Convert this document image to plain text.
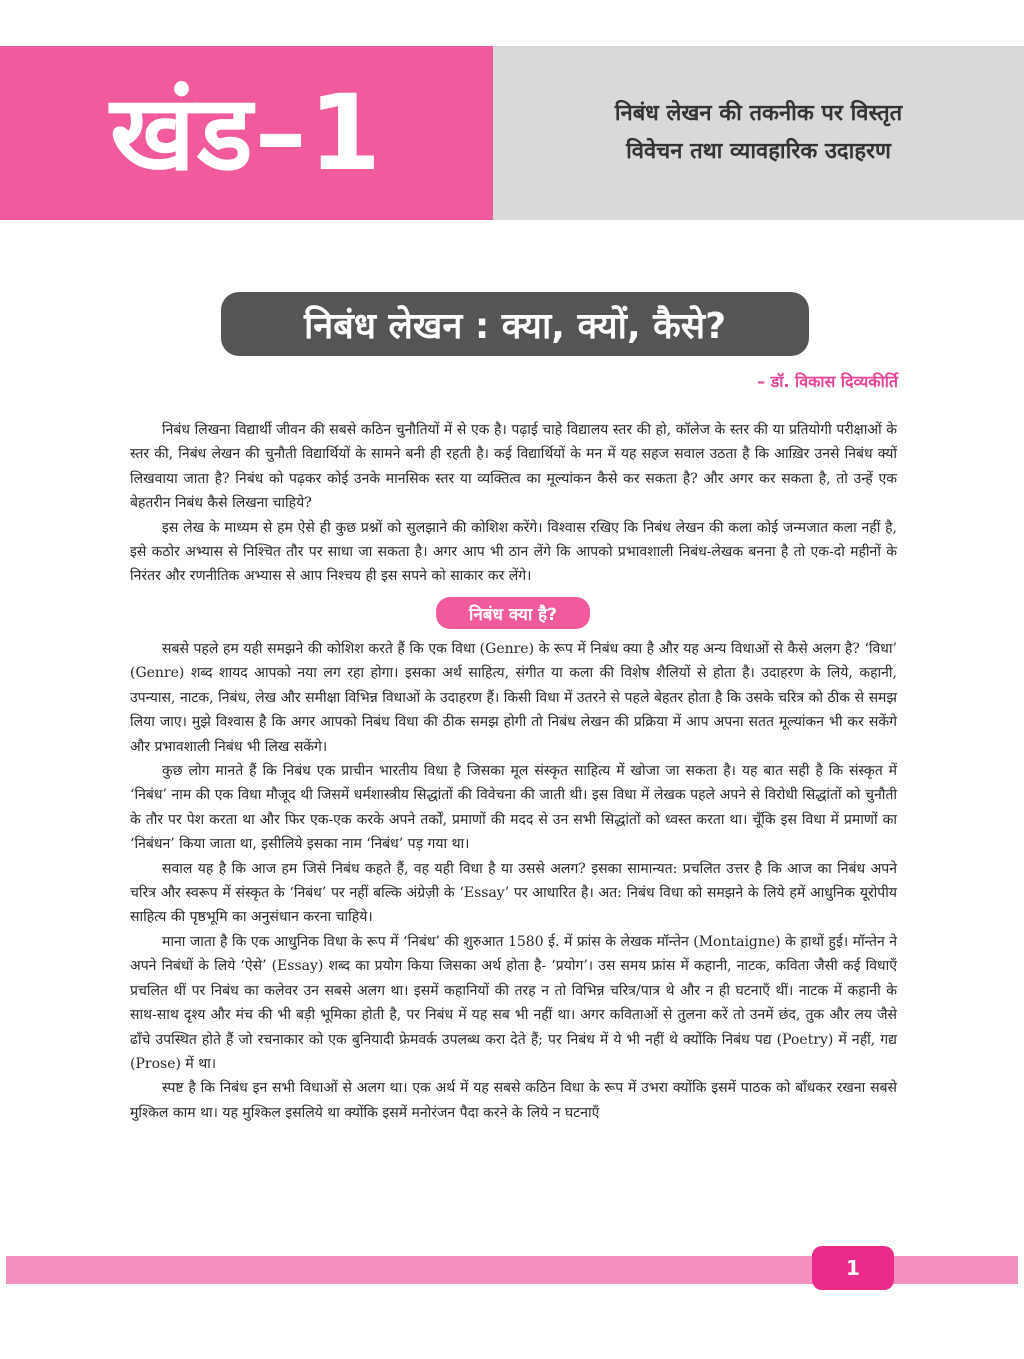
खंड–1	निबंध लेखन की तकनीक पर विस्तृत
विवेचन तथा व्यावहारिक उदाहरण
निबंध लेखन : क्या, क्यों, कैसे?
– डॉ. विकास दिव्यकीर्ति

निबंध लिखना विद्यार्थी जीवन की सबसे कठिन चुनौतियों में से एक है। पढ़ाई चाहे विद्यालय स्तर की हो, कॉलेज के स्तर की या प्रतियोगी परीक्षाओं के स्तर की, निबंध लेखन की चुनौती विद्यार्थियों के सामने बनी ही रहती है। कई विद्यार्थियों के मन में यह सहज सवाल उठता है कि आख़िर उनसे निबंध क्यों लिखवाया जाता है? निबंध को पढ़कर कोई उनके मानसिक स्तर या व्यक्तित्व का मूल्यांकन कैसे कर सकता है? और अगर कर सकता है, तो उन्हें एक बेहतरीन निबंध कैसे लिखना चाहिये?

इस लेख के माध्यम से हम ऐसे ही कुछ प्रश्नों को सुलझाने की कोशिश करेंगे। विश्वास रखिए कि निबंध लेखन की कला कोई जन्मजात कला नहीं है, इसे कठोर अभ्यास से निश्चित तौर पर साधा जा सकता है। अगर आप भी ठान लेंगे कि आपको प्रभावशाली निबंध-लेखक बनना है तो एक-दो महीनों के निरंतर और रणनीतिक अभ्यास से आप निश्चय ही इस सपने को साकार कर लेंगे।

निबंध क्या है?

सबसे पहले हम यही समझने की कोशिश करते हैं कि एक विधा (Genre) के रूप में निबंध क्या है और यह अन्य विधाओं से कैसे अलग है? ‘विधा’ (Genre) शब्द शायद आपको नया लग रहा होगा। इसका अर्थ साहित्य, संगीत या कला की विशेष शैलियों से होता है। उदाहरण के लिये, कहानी, उपन्यास, नाटक, निबंध, लेख और समीक्षा विभिन्न विधाओं के उदाहरण हैं। किसी विधा में उतरने से पहले बेहतर होता है कि उसके चरित्र को ठीक से समझ लिया जाए। मुझे विश्वास है कि अगर आपको निबंध विधा की ठीक समझ होगी तो निबंध लेखन की प्रक्रिया में आप अपना सतत मूल्यांकन भी कर सकेंगे और प्रभावशाली निबंध भी लिख सकेंगे।

कुछ लोग मानते हैं कि निबंध एक प्राचीन भारतीय विधा है जिसका मूल संस्कृत साहित्य में खोजा जा सकता है। यह बात सही है कि संस्कृत में ‘निबंध’ नाम की एक विधा मौजूद थी जिसमें धर्मशास्त्रीय सिद्धांतों की विवेचना की जाती थी। इस विधा में लेखक पहले अपने से विरोधी सिद्धांतों को चुनौती के तौर पर पेश करता था और फिर एक-एक करके अपने तर्कों, प्रमाणों की मदद से उन सभी सिद्धांतों को ध्वस्त करता था। चूँकि इस विधा में प्रमाणों का ‘निबंधन’ किया जाता था, इसीलिये इसका नाम ‘निबंध’ पड़ गया था।

सवाल यह है कि आज हम जिसे निबंध कहते हैं, वह यही विधा है या उससे अलग? इसका सामान्यत: प्रचलित उत्तर है कि आज का निबंध अपने चरित्र और स्वरूप में संस्कृत के ‘निबंध’ पर नहीं बल्कि अंग्रेज़ी के ‘Essay’ पर आधारित है। अत: निबंध विधा को समझने के लिये हमें आधुनिक यूरोपीय साहित्य की पृष्ठभूमि का अनुसंधान करना चाहिये।

माना जाता है कि एक आधुनिक विधा के रूप में ‘निबंध’ की शुरुआत 1580 ई. में फ्रांस के लेखक मॉन्तेन (Montaigne) के हाथों हुई। मॉन्तेन ने अपने निबंधों के लिये ‘ऐसे’ (Essay) शब्द का प्रयोग किया जिसका अर्थ होता है- ‘प्रयोग’। उस समय फ्रांस में कहानी, नाटक, कविता जैसी कई विधाएँ प्रचलित थीं पर निबंध का कलेवर उन सबसे अलग था। इसमें कहानियों की तरह न तो विभिन्न चरित्र/पात्र थे और न ही घटनाएँ थीं। नाटक में कहानी के साथ-साथ दृश्य और मंच की भी बड़ी भूमिका होती है, पर निबंध में यह सब भी नहीं था। अगर कविताओं से तुलना करें तो उनमें छंद, तुक और लय जैसे ढाँचे उपस्थित होते हैं जो रचनाकार को एक बुनियादी फ्रेमवर्क उपलब्ध करा देते हैं; पर निबंध में ये भी नहीं थे क्योंकि निबंध पद्य (Poetry) में नहीं, गद्य (Prose) में था।

स्पष्ट है कि निबंध इन सभी विधाओं से अलग था। एक अर्थ में यह सबसे कठिन विधा के रूप में उभरा क्योंकि इसमें पाठक को बाँधकर रखना सबसे मुश्किल काम था। यह मुश्किल इसलिये था क्योंकि इसमें मनोरंजन पैदा करने के लिये न घटनाएँ

1
